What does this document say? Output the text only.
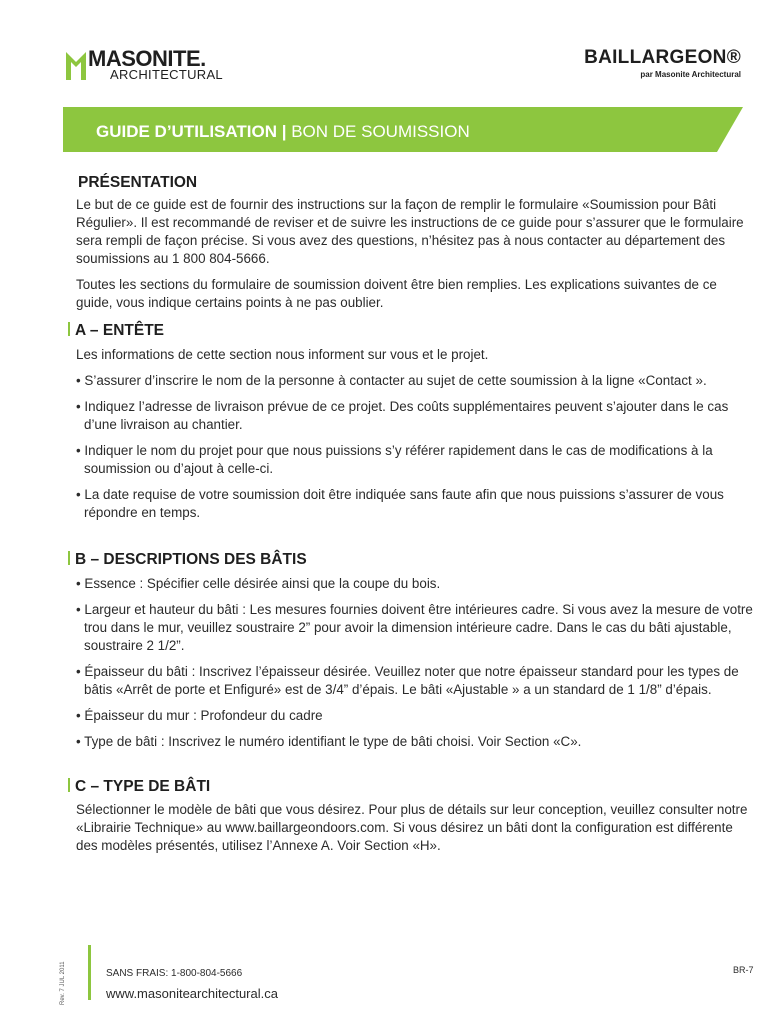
MASONITE.
ARCHITECTURAL
BAILLARGEON®
par Masonite Architectural
GUIDE D’UTILISATION | BON DE SOUMISSION
PRÉSENTATION

Le but de ce guide est de fournir des instructions sur la façon de remplir le formulaire «Soumission pour Bâti Régulier». Il est recommandé de reviser et de suivre les instructions de ce guide pour s’assurer que le formulaire sera rempli de façon précise. Si vous avez des questions, n’hésitez pas à nous contacter au département des soumissions au 1 800 804-5666.

Toutes les sections du formulaire de soumission doivent être bien remplies. Les explications suivantes de ce guide, vous indique certains points à ne pas oublier.

A – ENTÊTE

Les informations de cette section nous informent sur vous et le projet.

• S’assurer d’inscrire le nom de la personne à contacter au sujet de cette soumission à la ligne «Contact ».

• Indiquez l’adresse de livraison prévue de ce projet. Des coûts supplémentaires peuvent s’ajouter dans le cas d’une livraison au chantier.

• Indiquer le nom du projet pour que nous puissions s’y référer rapidement dans le cas de modifications à la soumission ou d’ajout à celle-ci.

• La date requise de votre soumission doit être indiquée sans faute afin que nous puissions s’assurer de vous répondre en temps.

B – DESCRIPTIONS DES BÂTIS

• Essence : Spécifier celle désirée ainsi que la coupe du bois.

• Largeur et hauteur du bâti : Les mesures fournies doivent être intérieures cadre. Si vous avez la mesure de votre trou dans le mur, veuillez soustraire 2” pour avoir la dimension intérieure cadre. Dans le cas du bâti ajustable, soustraire 2 1/2”.

• Épaisseur du bâti : Inscrivez l’épaisseur désirée. Veuillez noter que notre épaisseur standard pour les types de bâtis «Arrêt de porte et Enfiguré» est de 3/4” d’épais. Le bâti «Ajustable » a un standard de 1 1/8” d’épais.

• Épaisseur du mur : Profondeur du cadre

• Type de bâti : Inscrivez le numéro identifiant le type de bâti choisi. Voir Section «C».

C – TYPE DE BÂTI

Sélectionner le modèle de bâti que vous désirez. Pour plus de détails sur leur conception, veuillez consulter notre «Librairie Technique» au www.baillargeondoors.com. Si vous désirez un bâti dont la configuration est différente des modèles présentés, utilisez l’Annexe A. Voir Section «H».

Rev. 7 JUL 2011	SANS FRAIS: 1-800-804-5666
www.masonitearchitectural.ca
BR-7
